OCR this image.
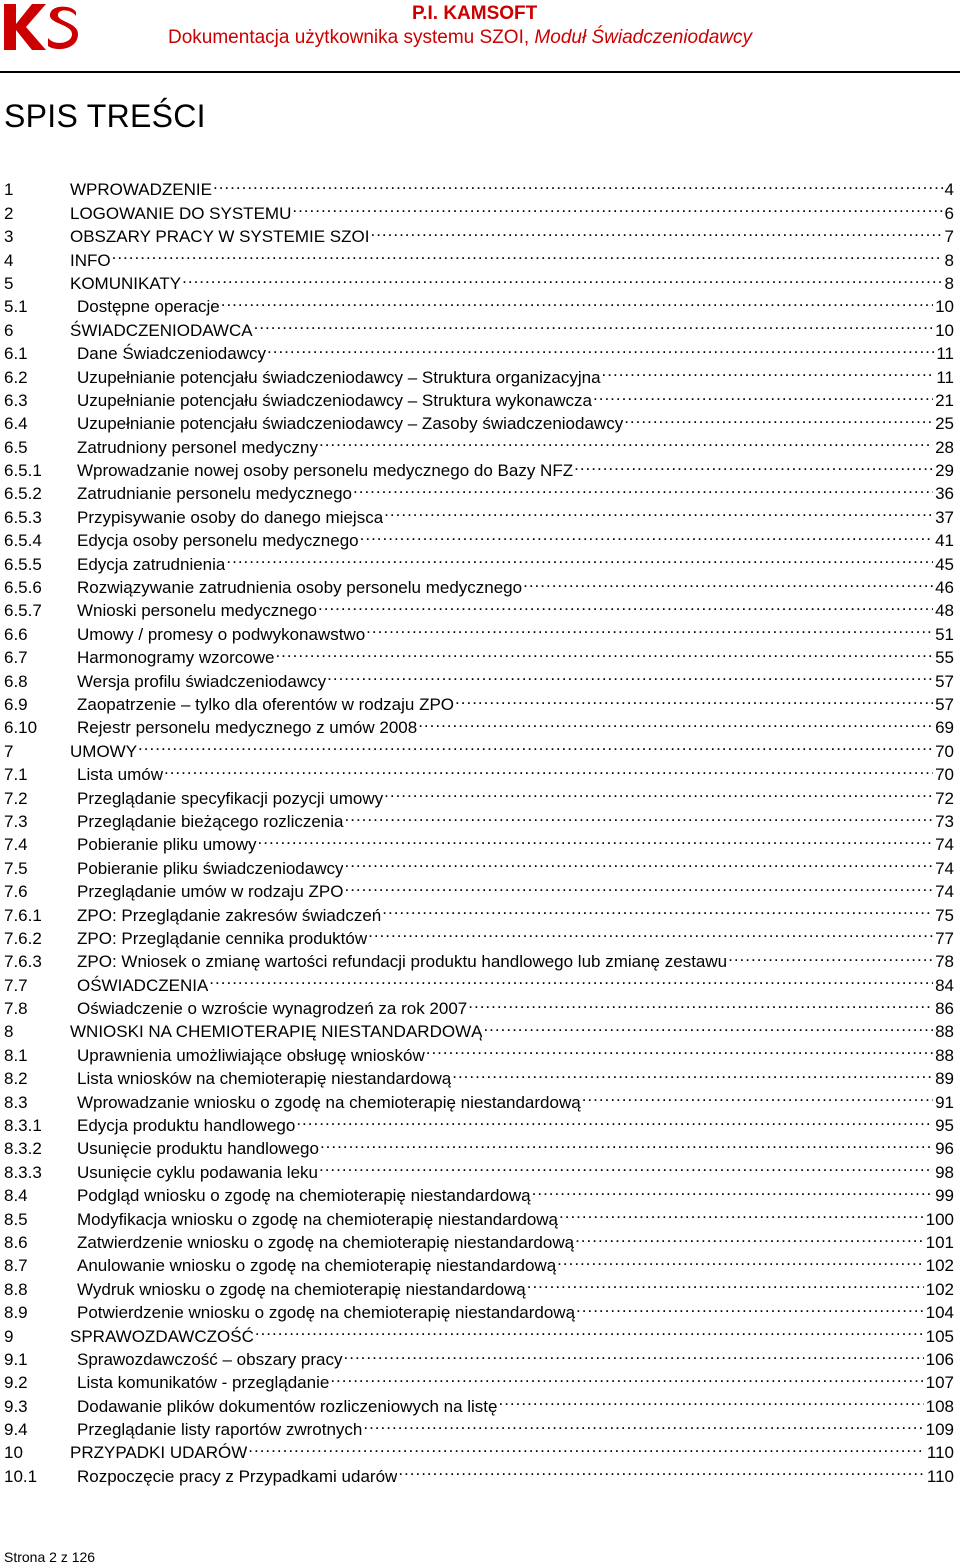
P.I. KAMSOFT
Dokumentacja użytkownika systemu SZOI, Moduł Świadczeniodawcy
SPIS TREŚCI
1	WPROWADZENIE .....	4
2	LOGOWANIE DO SYSTEMU .....	6
3	OBSZARY PRACY W SYSTEMIE SZOI .....	7
4	INFO .....	8
5	KOMUNIKATY .....	8
5.1	Dostępne operacje .....	10
6	ŚWIADCZENIODAWCA .....	10
6.1	Dane Świadczeniodawcy .....	11
6.2	Uzupełnianie potencjału świadczeniodawcy – Struktura organizacyjna .....	11
6.3	Uzupełnianie potencjału świadczeniodawcy – Struktura wykonawcza .....	21
6.4	Uzupełnianie potencjału świadczeniodawcy – Zasoby świadczeniodawcy .....	25
6.5	Zatrudniony personel medyczny .....	28
6.5.1	Wprowadzanie nowej osoby personelu medycznego do Bazy NFZ .....	29
6.5.2	Zatrudnianie personelu medycznego .....	36
6.5.3	Przypisywanie osoby do danego miejsca .....	37
6.5.4	Edycja osoby personelu medycznego .....	41
6.5.5	Edycja zatrudnienia .....	45
6.5.6	Rozwiązywanie zatrudnienia osoby personelu medycznego .....	46
6.5.7	Wnioski personelu medycznego .....	48
6.6	Umowy / promesy o podwykonawstwo .....	51
6.7	Harmonogramy wzorcowe .....	55
6.8	Wersja profilu świadczeniodawcy .....	57
6.9	Zaopatrzenie – tylko dla oferentów w rodzaju ZPO .....	57
6.10	Rejestr personelu medycznego z umów 2008 .....	69
7	UMOWY .....	70
7.1	Lista umów .....	70
7.2	Przeglądanie specyfikacji pozycji umowy .....	72
7.3	Przeglądanie bieżącego rozliczenia .....	73
7.4	Pobieranie pliku umowy .....	74
7.5	Pobieranie pliku świadczeniodawcy .....	74
7.6	Przeglądanie umów w rodzaju ZPO .....	74
7.6.1	ZPO: Przeglądanie zakresów świadczeń .....	75
7.6.2	ZPO: Przeglądanie cennika produktów .....	77
7.6.3	ZPO: Wniosek o zmianę wartości refundacji produktu handlowego lub zmianę zestawu .....	78
7.7	OŚWIADCZENIA .....	84
7.8	Oświadczenie o wzroście wynagrodzeń za rok 2007 .....	86
8	WNIOSKI NA CHEMIOTERAPIĘ NIESTANDARDOWĄ .....	88
8.1	Uprawnienia umożliwiające obsługę wniosków .....	88
8.2	Lista wniosków na chemioterapię niestandardową .....	89
8.3	Wprowadzanie wniosku o zgodę na chemioterapię niestandardową .....	91
8.3.1	Edycja produktu handlowego .....	95
8.3.2	Usunięcie produktu handlowego .....	96
8.3.3	Usunięcie cyklu podawania leku .....	98
8.4	Podgląd wniosku o zgodę na chemioterapię niestandardową .....	99
8.5	Modyfikacja wniosku o zgodę na chemioterapię niestandardową .....	100
8.6	Zatwierdzenie wniosku o zgodę na chemioterapię niestandardową .....	101
8.7	Anulowanie wniosku o zgodę na chemioterapię niestandardową .....	102
8.8	Wydruk wniosku o zgodę na chemioterapię niestandardową .....	102
8.9	Potwierdzenie wniosku o zgodę na chemioterapię niestandardową .....	104
9	SPRAWOZDAWCZOŚĆ .....	105
9.1	Sprawozdawczość – obszary pracy .....	106
9.2	Lista komunikatów - przeglądanie .....	107
9.3	Dodawanie plików dokumentów rozliczeniowych na listę .....	108
9.4	Przeglądanie listy raportów zwrotnych .....	109
10	PRZYPADKI UDARÓW .....	110
10.1	Rozpoczęcie pracy z Przypadkami udarów .....	110
Strona 2 z 126
